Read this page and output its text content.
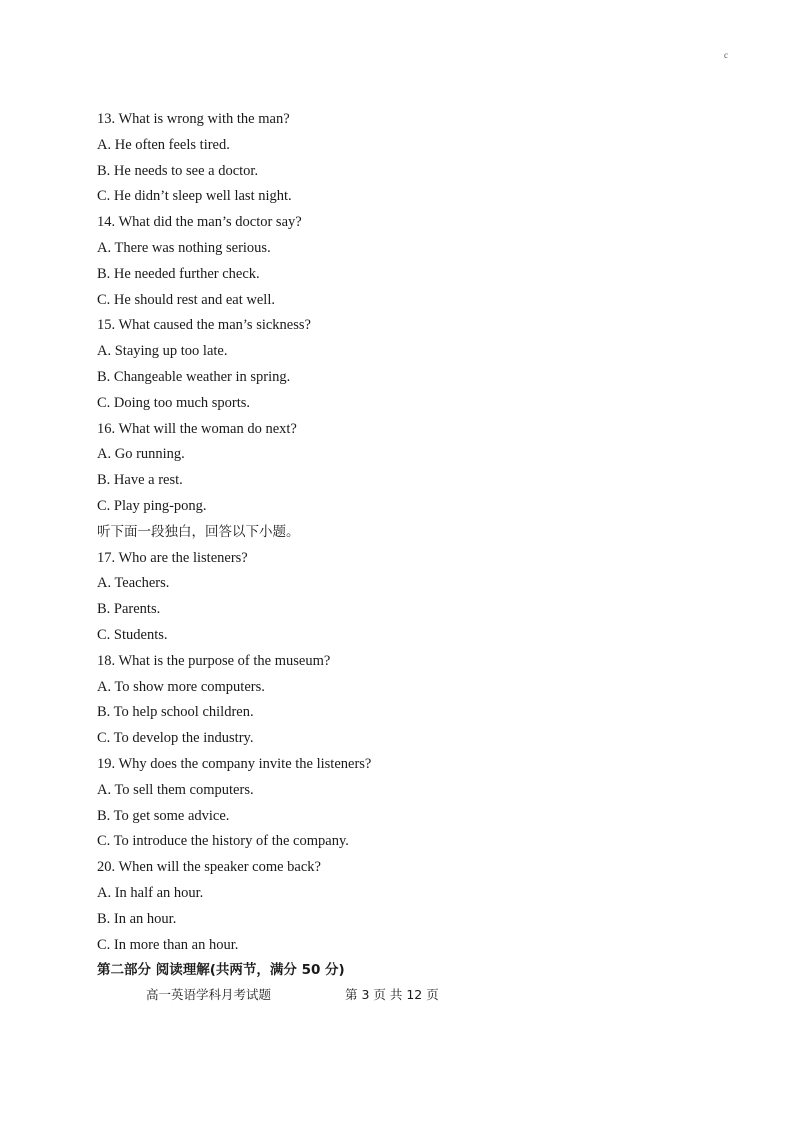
c
13. What is wrong with the man?
A. He often feels tired.
B. He needs to see a doctor.
C. He didn’t sleep well last night.
14. What did the man’s doctor say?
A. There was nothing serious.
B. He needed further check.
C. He should rest and eat well.
15. What caused the man’s sickness?
A. Staying up too late.
B. Changeable weather in spring.
C. Doing too much sports.
16. What will the woman do next?
A. Go running.
B. Have a rest.
C. Play ping-pong.
听下面一段独白，回答以下小题。
17. Who are the listeners?
A. Teachers.
B. Parents.
C. Students.
18. What is the purpose of the museum?
A. To show more computers.
B. To help school children.
C. To develop the industry.
19. Why does the company invite the listeners?
A. To sell them computers.
B. To get some advice.
C. To introduce the history of the company.
20. When will the speaker come back?
A. In half an hour.
B. In an hour.
C. In more than an hour.
第二部分 阅读理解(共两节，满分 50 分)
高一英语学科月考试题	第 3 页 共 12 页
